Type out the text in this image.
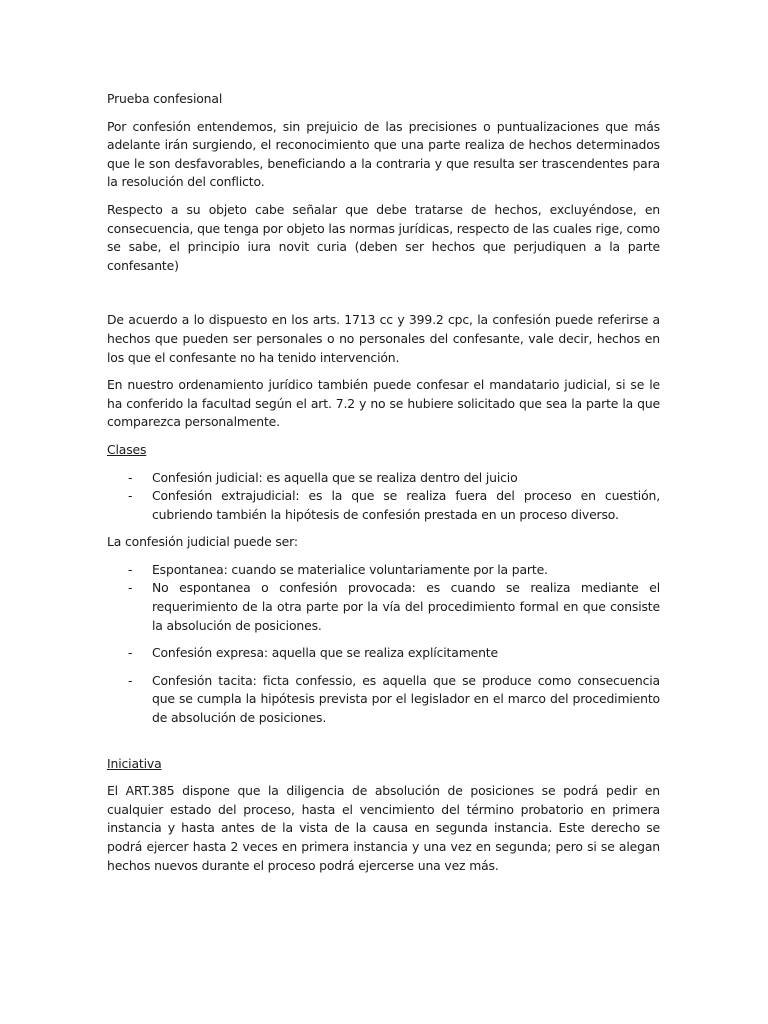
Prueba confesional

Por confesión entendemos, sin prejuicio de las precisiones o puntualizaciones que más adelante irán surgiendo, el reconocimiento que una parte realiza de hechos determinados que le son desfavorables, beneficiando a la contraria y que resulta ser trascendentes para la resolución del conflicto.

Respecto a su objeto cabe señalar que debe tratarse de hechos, excluyéndose, en consecuencia, que tenga por objeto las normas jurídicas, respecto de las cuales rige, como se sabe, el principio iura novit curia (deben ser hechos que perjudiquen a la parte confesante)

De acuerdo a lo dispuesto en los arts. 1713 cc y 399.2 cpc, la confesión puede referirse a hechos que pueden ser personales o no personales del confesante, vale decir, hechos en los que el confesante no ha tenido intervención.

En nuestro ordenamiento jurídico también puede confesar el mandatario judicial, si se le ha conferido la facultad según el art. 7.2 y no se hubiere solicitado que sea la parte la que comparezca personalmente.

Clases

- Confesión judicial: es aquella que se realiza dentro del juicio
- Confesión extrajudicial: es la que se realiza fuera del proceso en cuestión, cubriendo también la hipótesis de confesión prestada en un proceso diverso.

La confesión judicial puede ser:

- Espontanea: cuando se materialice voluntariamente por la parte.
- No espontanea o confesión provocada: es cuando se realiza mediante el requerimiento de la otra parte por la vía del procedimiento formal en que consiste la absolución de posiciones.
- Confesión expresa: aquella que se realiza explícitamente
- Confesión tacita: ficta confessio, es aquella que se produce como consecuencia que se cumpla la hipótesis prevista por el legislador en el marco del procedimiento de absolución de posiciones.

Iniciativa

El ART.385 dispone que la diligencia de absolución de posiciones se podrá pedir en cualquier estado del proceso, hasta el vencimiento del término probatorio en primera instancia y hasta antes de la vista de la causa en segunda instancia. Este derecho se podrá ejercer hasta 2 veces en primera instancia y una vez en segunda; pero si se alegan hechos nuevos durante el proceso podrá ejercerse una vez más.
